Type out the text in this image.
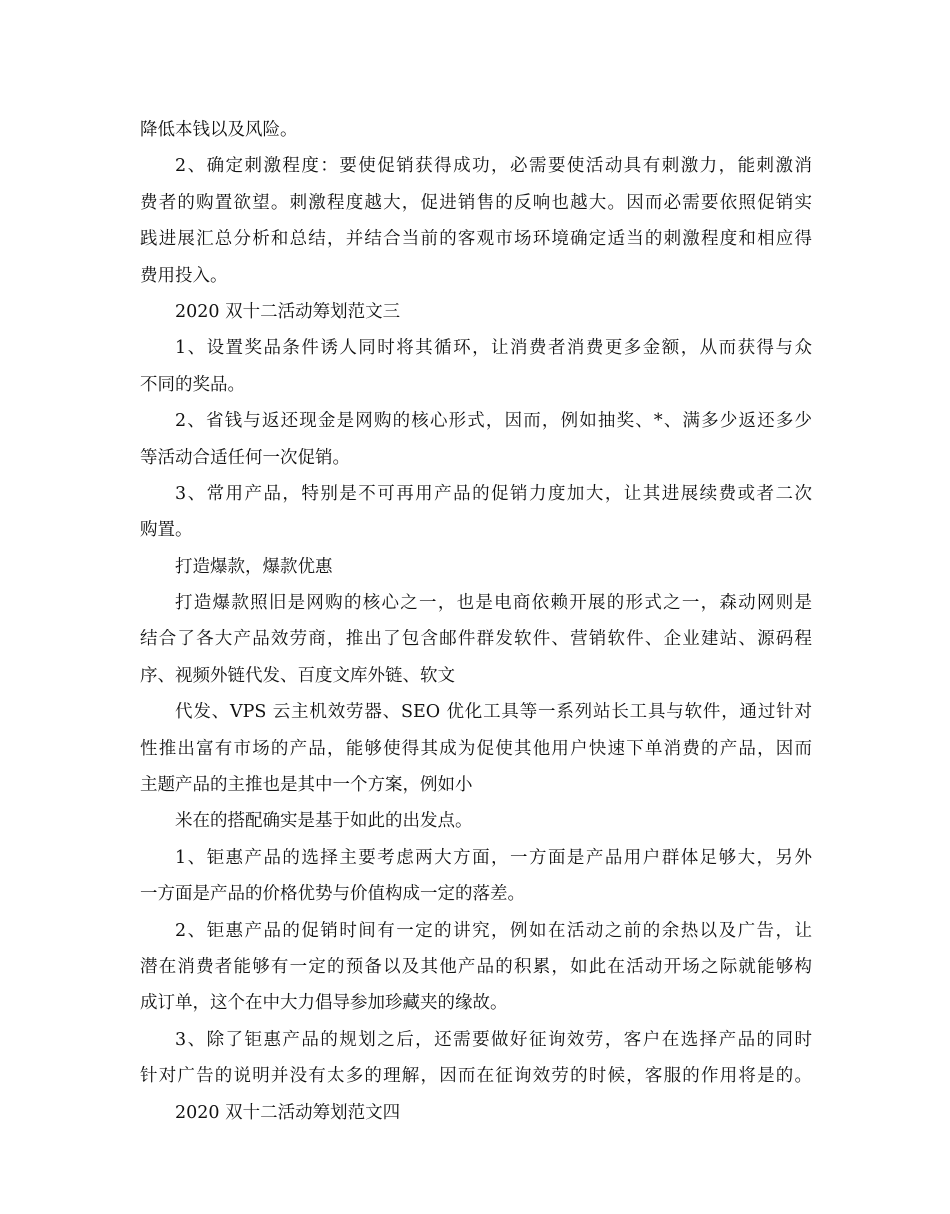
降低本钱以及风险。
2、确定刺激程度：要使促销获得成功，必需要使活动具有刺激力，能刺激消
费者的购置欲望。刺激程度越大，促进销售的反响也越大。因而必需要依照促销实
践进展汇总分析和总结，并结合当前的客观市场环境确定适当的刺激程度和相应得
费用投入。
2020 双十二活动筹划范文三
1、设置奖品条件诱人同时将其循环，让消费者消费更多金额，从而获得与众
不同的奖品。
2、省钱与返还现金是网购的核心形式，因而，例如抽奖、*、满多少返还多少
等活动合适任何一次促销。
3、常用产品，特别是不可再用产品的促销力度加大，让其进展续费或者二次
购置。
打造爆款，爆款优惠
打造爆款照旧是网购的核心之一，也是电商依赖开展的形式之一，森动网则是
结合了各大产品效劳商，推出了包含邮件群发软件、营销软件、企业建站、源码程
序、视频外链代发、百度文库外链、软文
代发、VPS 云主机效劳器、SEO 优化工具等一系列站长工具与软件，通过针对
性推出富有市场的产品，能够使得其成为促使其他用户快速下单消费的产品，因而
主题产品的主推也是其中一个方案，例如小
米在的搭配确实是基于如此的出发点。
1、钜惠产品的选择主要考虑两大方面，一方面是产品用户群体足够大，另外
一方面是产品的价格优势与价值构成一定的落差。
2、钜惠产品的促销时间有一定的讲究，例如在活动之前的余热以及广告，让
潜在消费者能够有一定的预备以及其他产品的积累，如此在活动开场之际就能够构
成订单，这个在中大力倡导参加珍藏夹的缘故。
3、除了钜惠产品的规划之后，还需要做好征询效劳，客户在选择产品的同时
针对广告的说明并没有太多的理解，因而在征询效劳的时候，客服的作用将是的。
2020 双十二活动筹划范文四
